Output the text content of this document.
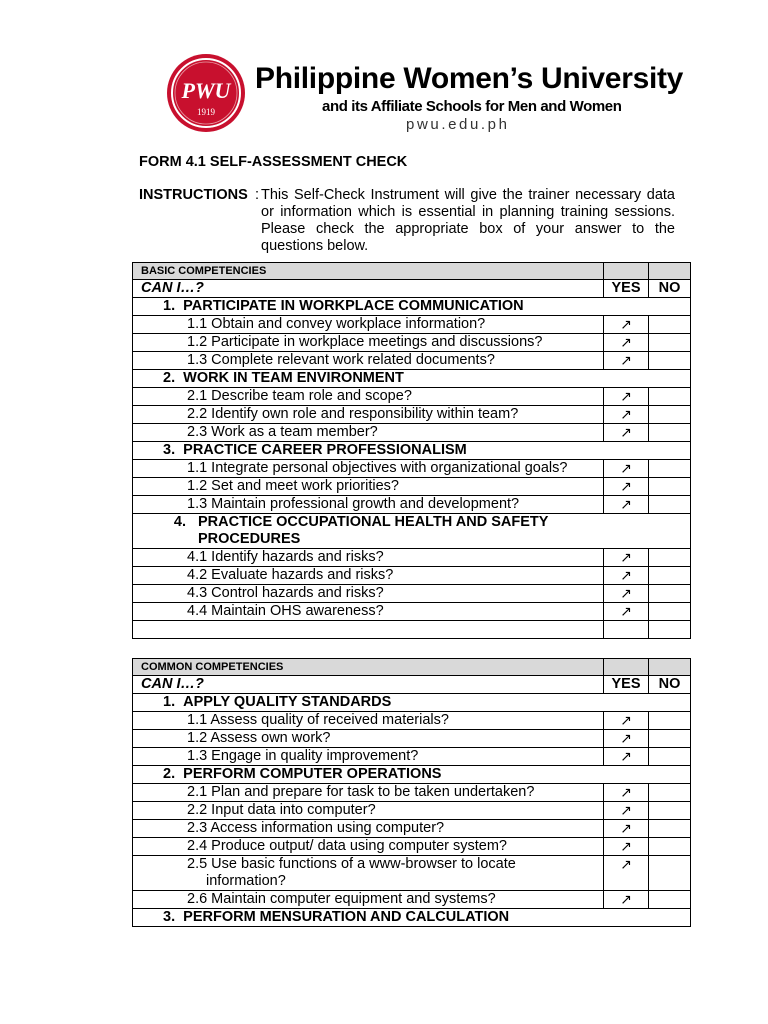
PWU
1919
Philippine Women’s University

and its Affiliate Schools for Men and Women

pwu.edu.ph

FORM 4.1 SELF-ASSESSMENT CHECK

INSTRUCTIONS : This Self-Check Instrument will give the trainer necessary data or information which is essential in planning training sessions. Please check the appropriate box of your answer to the questions below.
BASIC COMPETENCIES		
CAN I…?	YES	NO
1. PARTICIPATE IN WORKPLACE COMMUNICATION		
1.1 Obtain and convey workplace information?	↗	
1.2 Participate in workplace meetings and discussions?	↗	
1.3 Complete relevant work related documents?	↗	
2. WORK IN TEAM ENVIRONMENT		
2.1 Describe team role and scope?	↗	
2.2 Identify own role and responsibility within team?	↗	
2.3 Work as a team member?	↗	
3. PRACTICE CAREER PROFESSIONALISM		
1.1 Integrate personal objectives with organizational goals?	↗	
1.2 Set and meet work priorities?	↗	
1.3 Maintain professional growth and development?	↗	

4. PRACTICE OCCUPATIONAL HEALTH AND SAFETY
PROCEDURES		

4.1 Identify hazards and risks?	↗	
4.2 Evaluate hazards and risks?	↗	
4.3 Control hazards and risks?	↗	
4.4 Maintain OHS awareness?	↗	

COMMON COMPETENCIES		
CAN I…?	YES	NO
1. APPLY QUALITY STANDARDS		
1.1 Assess quality of received materials?	↗	
1.2 Assess own work?	↗	
1.3 Engage in quality improvement?	↗	
2. PERFORM COMPUTER OPERATIONS		
2.1 Plan and prepare for task to be taken undertaken?	↗	
2.2 Input data into computer?	↗	
2.3 Access information using computer?	↗	
2.4 Produce output/ data using computer system?	↗	
2.5 Use basic functions of a www-browser to locate
information?	↗	
2.6 Maintain computer equipment and systems?	↗	
3. PERFORM MENSURATION AND CALCULATION		
